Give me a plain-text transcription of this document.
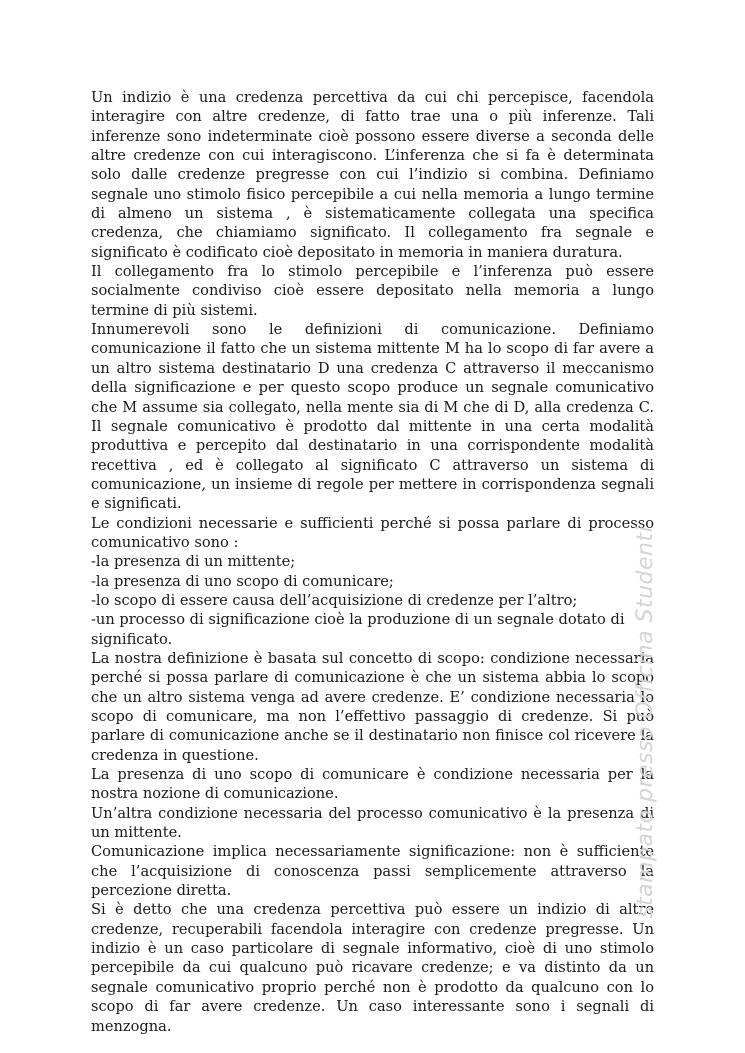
Un indizio è una credenza percettiva da cui chi percepisce, facendola interagire con altre credenze, di fatto trae una o più inferenze. Tali inferenze sono indeterminate cioè possono essere diverse a seconda delle altre credenze con cui interagiscono. L’inferenza che si fa è determinata solo dalle credenze pregresse con cui l’indizio si combina. Definiamo segnale uno stimolo fisico percepibile a cui nella memoria a lungo termine di almeno un sistema , è sistematicamente collegata una specifica credenza, che chiamiamo significato. Il collegamento fra segnale e significato è codificato cioè depositato in memoria in maniera duratura.

Il collegamento fra lo stimolo percepibile e l’inferenza può essere socialmente condiviso cioè essere depositato nella memoria a lungo termine di più sistemi.

Innumerevoli sono le definizioni di comunicazione. Definiamo comunicazione il fatto che un sistema mittente M ha lo scopo di far avere a un altro sistema destinatario D una credenza C attraverso il meccanismo della significazione e per questo scopo produce un segnale comunicativo che M assume sia collegato, nella mente sia di M che di D, alla credenza C. Il segnale comunicativo è prodotto dal mittente in una certa modalità produttiva e percepito dal destinatario in una corrispondente modalità recettiva , ed è collegato al significato C attraverso un sistema di comunicazione, un insieme di regole per mettere in corrispondenza segnali e significati.

Le condizioni necessarie e sufficienti perché si possa parlare di processo comunicativo sono :

-la presenza di un mittente;

-la presenza di uno scopo di comunicare;

-lo scopo di essere causa dell’acquisizione di credenze per l’altro;

-un processo di significazione cioè la produzione di un segnale dotato di significato.

La nostra definizione è basata sul concetto di scopo: condizione necessaria perché si possa parlare di comunicazione è che un sistema abbia lo scopo che un altro sistema venga ad avere credenze. E’ condizione necessaria lo scopo di comunicare, ma non l’effettivo passaggio di credenze. Si può parlare di comunicazione anche se il destinatario non finisce col ricevere la credenza in questione.

La presenza di uno scopo di comunicare è condizione necessaria per la nostra nozione di comunicazione.

Un’altra condizione necessaria del processo comunicativo è la presenza di un mittente.

Comunicazione implica necessariamente significazione: non è sufficiente che l’acquisizione di conoscenza passi semplicemente attraverso la percezione diretta.

Si è detto che una credenza percettiva può essere un indizio di altre credenze, recuperabili facendola interagire con credenze pregresse. Un indizio è un caso particolare di segnale informativo, cioè di uno stimolo percepibile da cui qualcuno può ricavare credenze; e va distinto da un segnale comunicativo proprio perché non è prodotto da qualcuno con lo scopo di far avere credenze. Un caso interessante sono i segnali di menzogna.

stampato presso Officina Studenti
